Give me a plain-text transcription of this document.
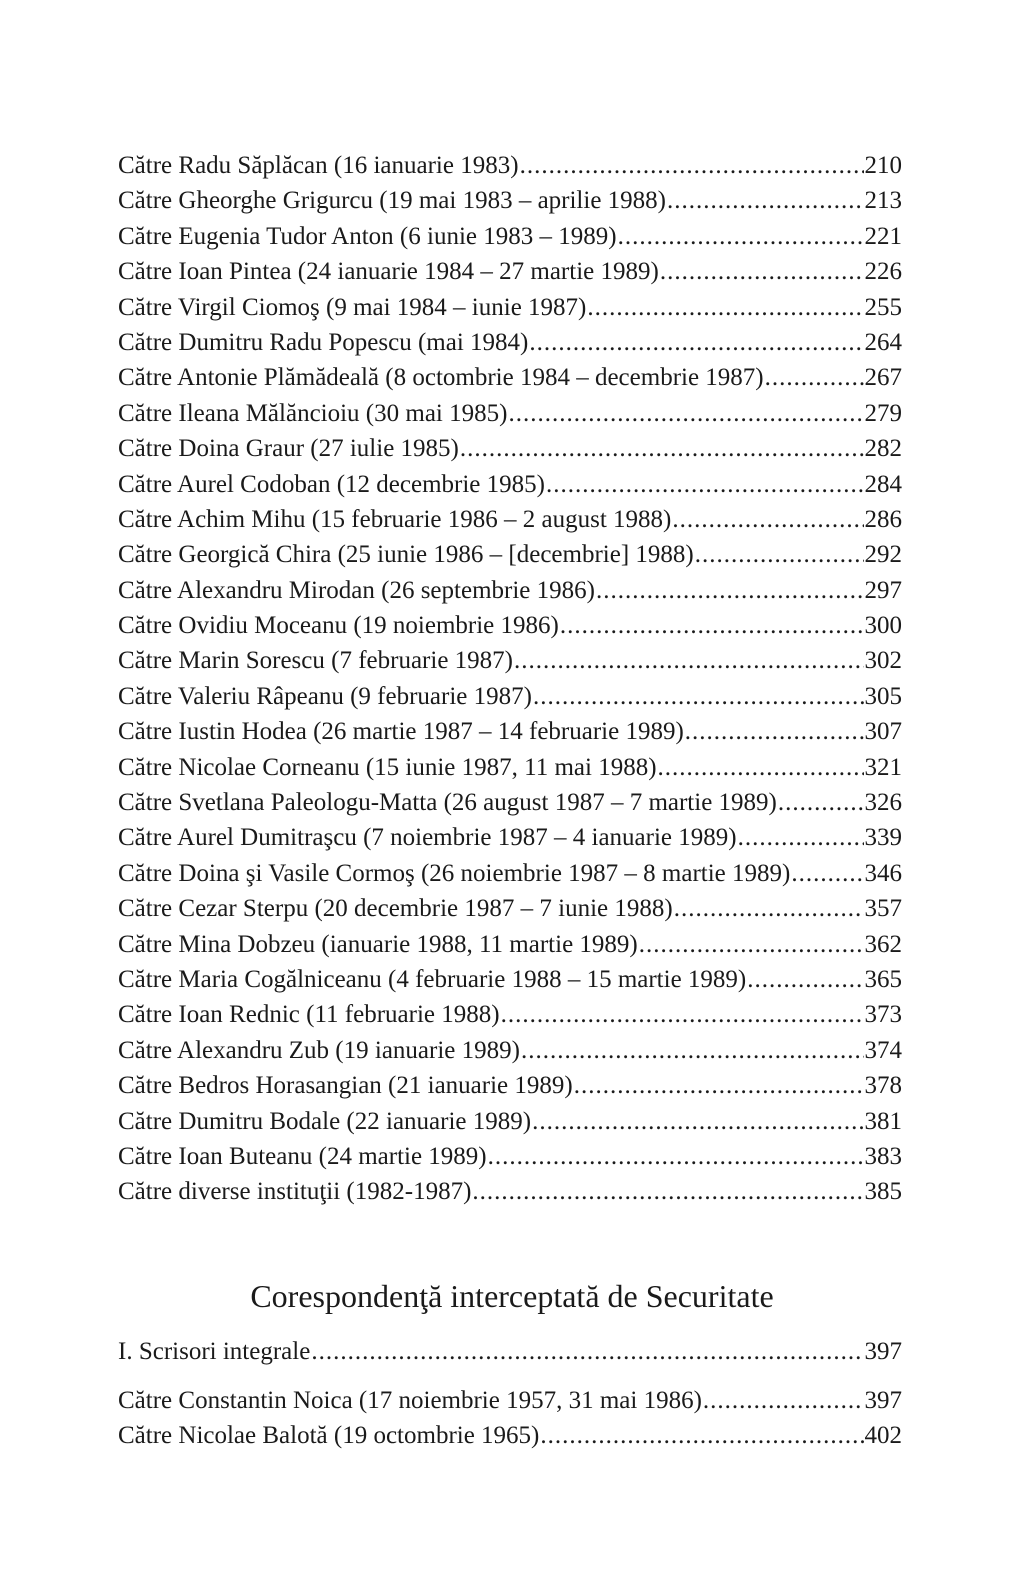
Către Radu Săplăcan (16 ianuarie 1983) .....	210
Către Gheorghe Grigurcu (19 mai 1983 – aprilie 1988) .....	213
Către Eugenia Tudor Anton (6 iunie 1983 – 1989) .....	221
Către Ioan Pintea (24 ianuarie 1984 – 27 martie 1989) .....	226
Către Virgil Ciomoş (9 mai 1984 – iunie 1987) .....	255
Către Dumitru Radu Popescu (mai 1984) .....	264
Către Antonie Plămădeală (8 octombrie 1984 – decembrie 1987) .....	267
Către Ileana Mălăncioiu (30 mai 1985) .....	279
Către Doina Graur (27 iulie 1985) .....	282
Către Aurel Codoban (12 decembrie 1985) .....	284
Către Achim Mihu (15 februarie 1986 – 2 august 1988) .....	286
Către Georgică Chira (25 iunie 1986 – [decembrie] 1988) .....	292
Către Alexandru Mirodan (26 septembrie 1986) .....	297
Către Ovidiu Moceanu (19 noiembrie 1986) .....	300
Către Marin Sorescu (7 februarie 1987) .....	302
Către Valeriu Râpeanu (9 februarie 1987) .....	305
Către Iustin Hodea (26 martie 1987 – 14 februarie 1989) .....	307
Către Nicolae Corneanu (15 iunie 1987, 11 mai 1988) .....	321
Către Svetlana Paleologu-Matta (26 august 1987 – 7 martie 1989) .....	326
Către Aurel Dumitraşcu (7 noiembrie 1987 – 4 ianuarie 1989) .....	339
Către Doina şi Vasile Cormoş (26 noiembrie 1987 – 8 martie 1989) .....	346
Către Cezar Sterpu (20 decembrie 1987 – 7 iunie 1988) .....	357
Către Mina Dobzeu (ianuarie 1988, 11 martie 1989) .....	362
Către Maria Cogălniceanu (4 februarie 1988 – 15 martie 1989) .....	365
Către Ioan Rednic (11 februarie 1988) .....	373
Către Alexandru Zub (19 ianuarie 1989) .....	374
Către Bedros Horasangian (21 ianuarie 1989) .....	378
Către Dumitru Bodale (22 ianuarie 1989) .....	381
Către Ioan Buteanu (24 martie 1989) .....	383
Către diverse instituţii (1982-1987) .....	385
Corespondenţă interceptată de Securitate
I. Scrisori integrale .....	397
Către Constantin Noica (17 noiembrie 1957, 31 mai 1986) .....	397
Către Nicolae Balotă (19 octombrie 1965) .....	402
